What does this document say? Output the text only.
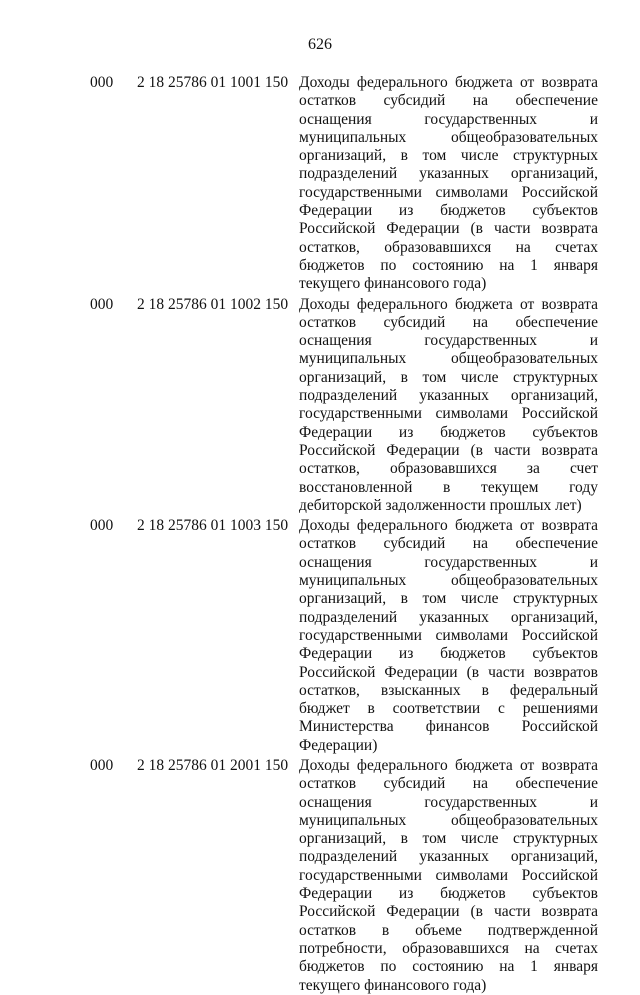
626
000 2 18 25786 01 1001 150 Доходы федерального бюджета от возврата остатков субсидий на обеспечение оснащения государственных и муниципальных общеобразовательных организаций, в том числе структурных подразделений указанных организаций, государственными символами Российской Федерации из бюджетов субъектов Российской Федерации (в части возврата остатков, образовавшихся на счетах бюджетов по состоянию на 1 января текущего финансового года)
000 2 18 25786 01 1002 150 Доходы федерального бюджета от возврата остатков субсидий на обеспечение оснащения государственных и муниципальных общеобразовательных организаций, в том числе структурных подразделений указанных организаций, государственными символами Российской Федерации из бюджетов субъектов Российской Федерации (в части возврата остатков, образовавшихся за счет восстановленной в текущем году дебиторской задолженности прошлых лет)
000 2 18 25786 01 1003 150 Доходы федерального бюджета от возврата остатков субсидий на обеспечение оснащения государственных и муниципальных общеобразовательных организаций, в том числе структурных подразделений указанных организаций, государственными символами Российской Федерации из бюджетов субъектов Российской Федерации (в части возвратов остатков, взысканных в федеральный бюджет в соответствии с решениями Министерства финансов Российской Федерации)
000 2 18 25786 01 2001 150 Доходы федерального бюджета от возврата остатков субсидий на обеспечение оснащения государственных и муниципальных общеобразовательных организаций, в том числе структурных подразделений указанных организаций, государственными символами Российской Федерации из бюджетов субъектов Российской Федерации (в части возврата остатков в объеме подтвержденной потребности, образовавшихся на счетах бюджетов по состоянию на 1 января текущего финансового года)
